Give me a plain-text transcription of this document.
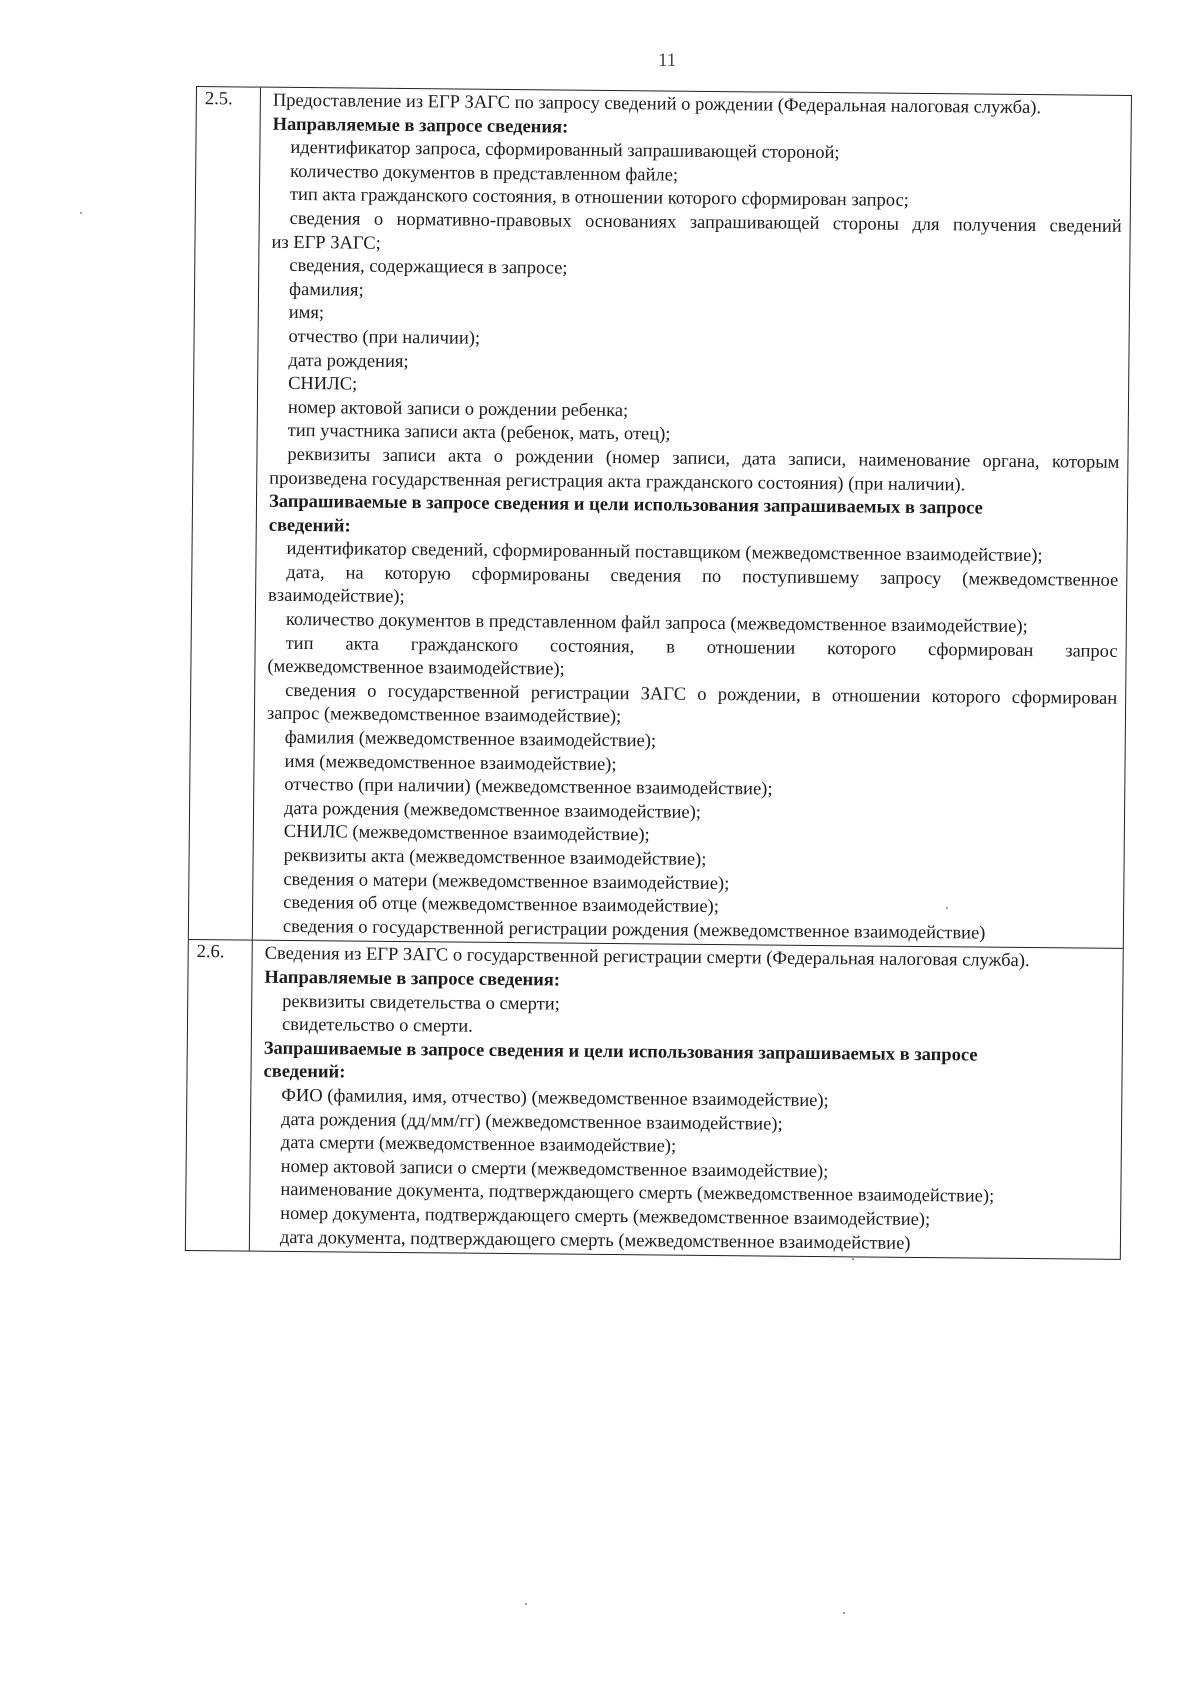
11
2.5.	Предоставление из ЕГР ЗАГС по запросу сведений о рождении (Федеральная налоговая служба).
Направляемые в запросе сведения:
идентификатор запроса, сформированный запрашивающей стороной;
количество документов в представленном файле;
тип акта гражданского состояния, в отношении которого сформирован запрос;
сведения о нормативно-правовых основаниях запрашивающей стороны для получения сведений
из ЕГР ЗАГС;
сведения, содержащиеся в запросе;
фамилия;
имя;
отчество (при наличии);
дата рождения;
СНИЛС;
номер актовой записи о рождении ребенка;
тип участника записи акта (ребенок, мать, отец);
реквизиты записи акта о рождении (номер записи, дата записи, наименование органа, которым
произведена государственная регистрация акта гражданского состояния) (при наличии).
Запрашиваемые в запросе сведения и цели использования запрашиваемых в запросе
сведений:
идентификатор сведений, сформированный поставщиком (межведомственное взаимодействие);
дата, на которую сформированы сведения по поступившему запросу (межведомственное
взаимодействие);
количество документов в представленном файл запроса (межведомственное взаимодействие);
тип акта гражданского состояния, в отношении которого сформирован запрос
(межведомственное взаимодействие);
сведения о государственной регистрации ЗАГС о рождении, в отношении которого сформирован
запрос (межведомственное взаимодействие);
фамилия (межведомственное взаимодействие);
имя (межведомственное взаимодействие);
отчество (при наличии) (межведомственное взаимодействие);
дата рождения (межведомственное взаимодействие);
СНИЛС (межведомственное взаимодействие);
реквизиты акта (межведомственное взаимодействие);
сведения о матери (межведомственное взаимодействие);
сведения об отце (межведомственное взаимодействие);
сведения о государственной регистрации рождения (межведомственное взаимодействие)
2.6.	Сведения из ЕГР ЗАГС о государственной регистрации смерти (Федеральная налоговая служба).
Направляемые в запросе сведения:
реквизиты свидетельства о смерти;
свидетельство о смерти.
Запрашиваемые в запросе сведения и цели использования запрашиваемых в запросе
сведений:
ФИО (фамилия, имя, отчество) (межведомственное взаимодействие);
дата рождения (дд/мм/гг) (межведомственное взаимодействие);
дата смерти (межведомственное взаимодействие);
номер актовой записи о смерти (межведомственное взаимодействие);
наименование документа, подтверждающего смерть (межведомственное взаимодействие);
номер документа, подтверждающего смерть (межведомственное взаимодействие);
дата документа, подтверждающего смерть (межведомственное взаимодействие)
